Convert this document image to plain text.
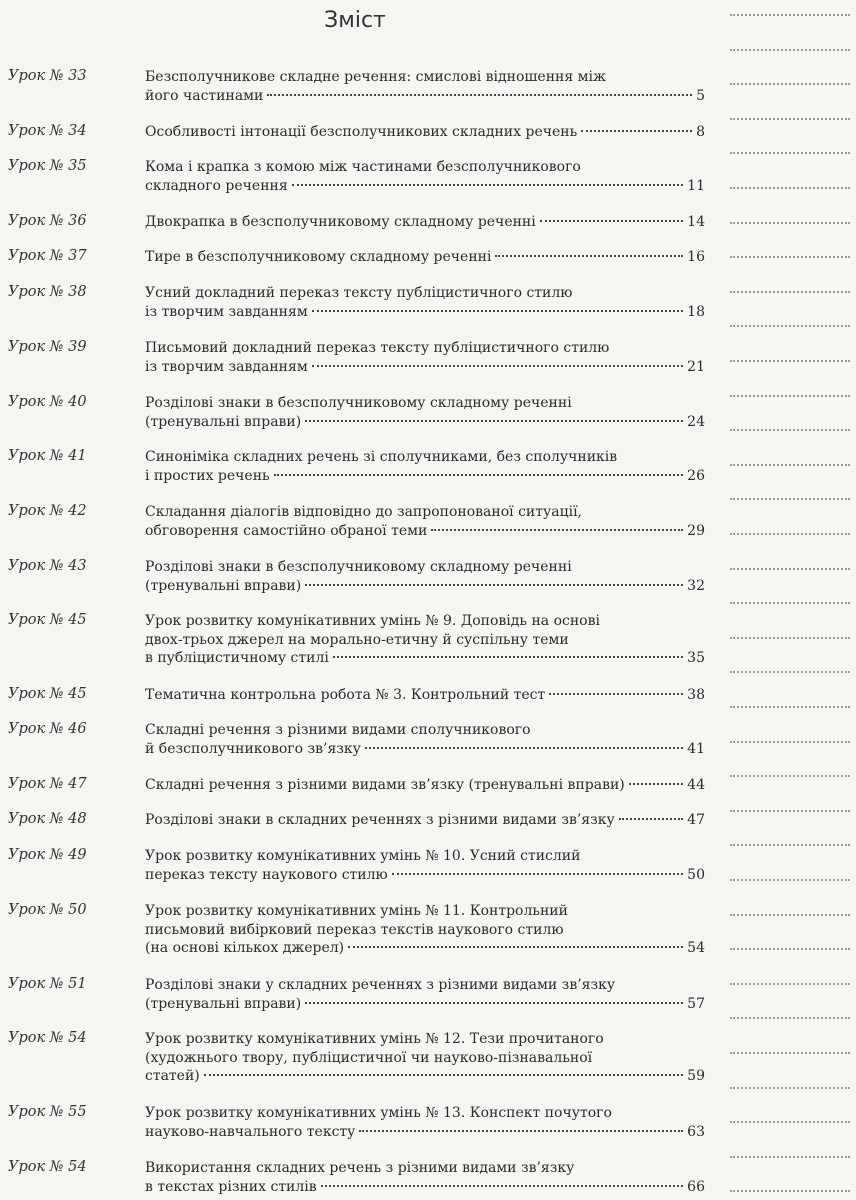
Зміст
Урок № 33	Безсполучникове складне речення: смислові відношення між
його частинами	5
Урок № 34	Особливості інтонації безсполучникових складних речень	8
Урок № 35	Кома і крапка з комою між частинами безсполучникового
складного речення	11
Урок № 36	Двокрапка в безсполучниковому складному реченні	14
Урок № 37	Тире в безсполучниковому складному реченні	16
Урок № 38	Усний докладний переказ тексту публіцистичного стилю
із творчим завданням	18
Урок № 39	Письмовий докладний переказ тексту публіцистичного стилю
із творчим завданням	21
Урок № 40	Розділові знаки в безсполучниковому складному реченні
(тренувальні вправи)	24
Урок № 41	Синоніміка складних речень зі сполучниками, без сполучників
і простих речень	26
Урок № 42	Складання діалогів відповідно до запропонованої ситуації,
обговорення самостійно обраної теми	29
Урок № 43	Розділові знаки в безсполучниковому складному реченні
(тренувальні вправи)	32
Урок № 45	Урок розвитку комунікативних умінь № 9. Доповідь на основі
двох-трьох джерел на морально-етичну й суспільну теми
в публіцистичному стилі	35
Урок № 45	Тематична контрольна робота № 3. Контрольний тест	38
Урок № 46	Складні речення з різними видами сполучникового
й безсполучникового зв’язку	41
Урок № 47	Складні речення з різними видами зв’язку (тренувальні вправи)	44
Урок № 48	Розділові знаки в складних реченнях з різними видами зв’язку	47
Урок № 49	Урок розвитку комунікативних умінь № 10. Усний стислий
переказ тексту наукового стилю	50
Урок № 50	Урок розвитку комунікативних умінь № 11. Контрольний
письмовий вибірковий переказ текстів наукового стилю
(на основі кількох джерел)	54
Урок № 51	Розділові знаки у складних реченнях з різними видами зв’язку
(тренувальні вправи)	57
Урок № 54	Урок розвитку комунікативних умінь № 12. Тези прочитаного
(художнього твору, публіцистичної чи науково-пізнавальної
статей)	59
Урок № 55	Урок розвитку комунікативних умінь № 13. Конспект почутого
науково-навчального тексту	63
Урок № 54	Використання складних речень з різними видами зв’язку
в текстах різних стилів	66
